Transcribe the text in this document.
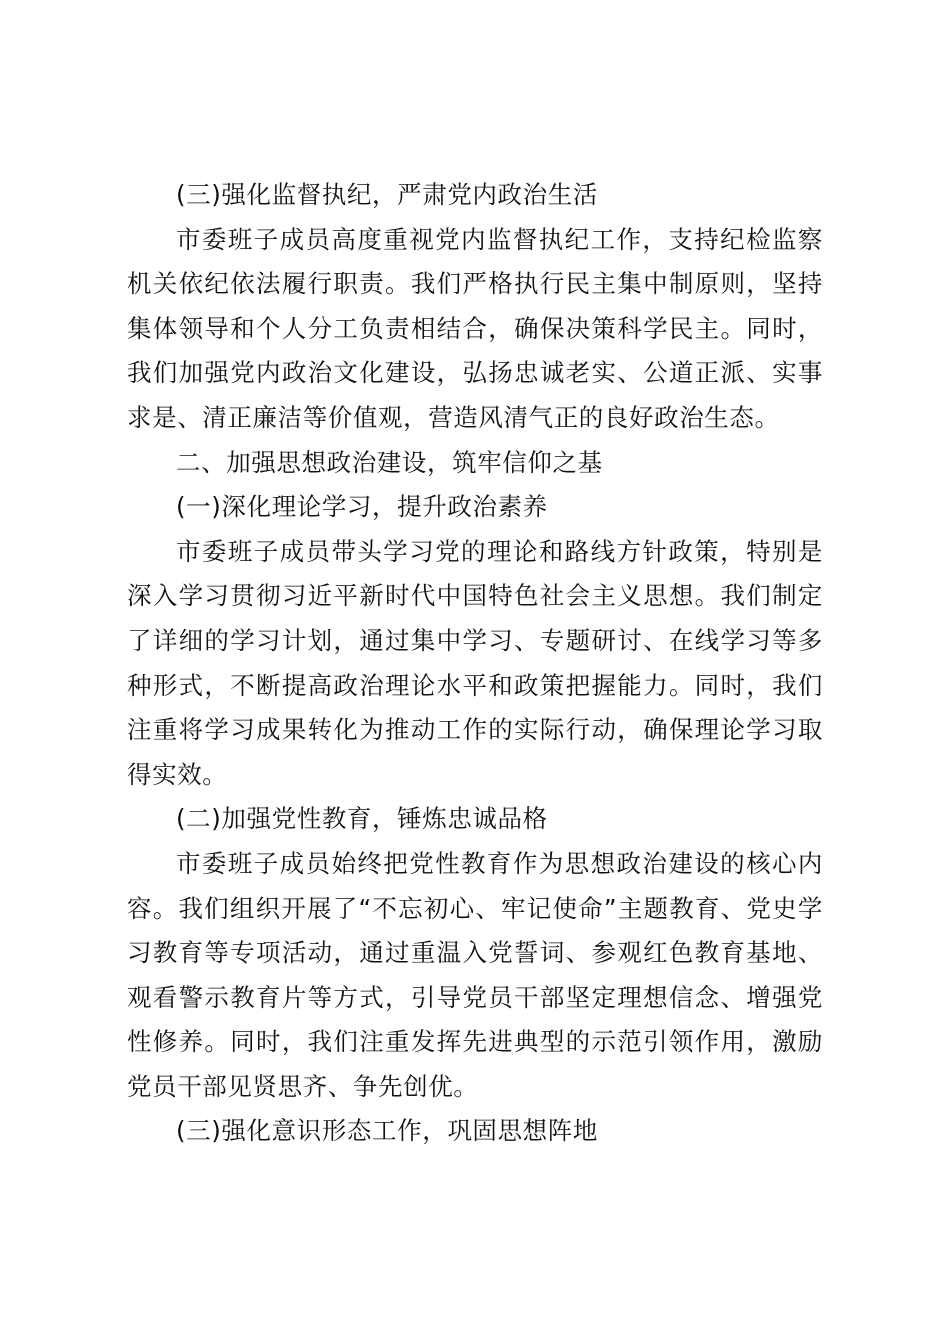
(三)强化监督执纪，严肃党内政治生活

市委班子成员高度重视党内监督执纪工作，支持纪检监察机关依纪依法履行职责。我们严格执行民主集中制原则，坚持集体领导和个人分工负责相结合，确保决策科学民主。同时，我们加强党内政治文化建设，弘扬忠诚老实、公道正派、实事求是、清正廉洁等价值观，营造风清气正的良好政治生态。

二、加强思想政治建设，筑牢信仰之基

(一)深化理论学习，提升政治素养

市委班子成员带头学习党的理论和路线方针政策，特别是深入学习贯彻习近平新时代中国特色社会主义思想。我们制定了详细的学习计划，通过集中学习、专题研讨、在线学习等多种形式，不断提高政治理论水平和政策把握能力。同时，我们注重将学习成果转化为推动工作的实际行动，确保理论学习取得实效。

(二)加强党性教育，锤炼忠诚品格

市委班子成员始终把党性教育作为思想政治建设的核心内容。我们组织开展了“不忘初心、牢记使命”主题教育、党史学习教育等专项活动，通过重温入党誓词、参观红色教育基地、观看警示教育片等方式，引导党员干部坚定理想信念、增强党性修养。同时，我们注重发挥先进典型的示范引领作用，激励党员干部见贤思齐、争先创优。

(三)强化意识形态工作，巩固思想阵地
